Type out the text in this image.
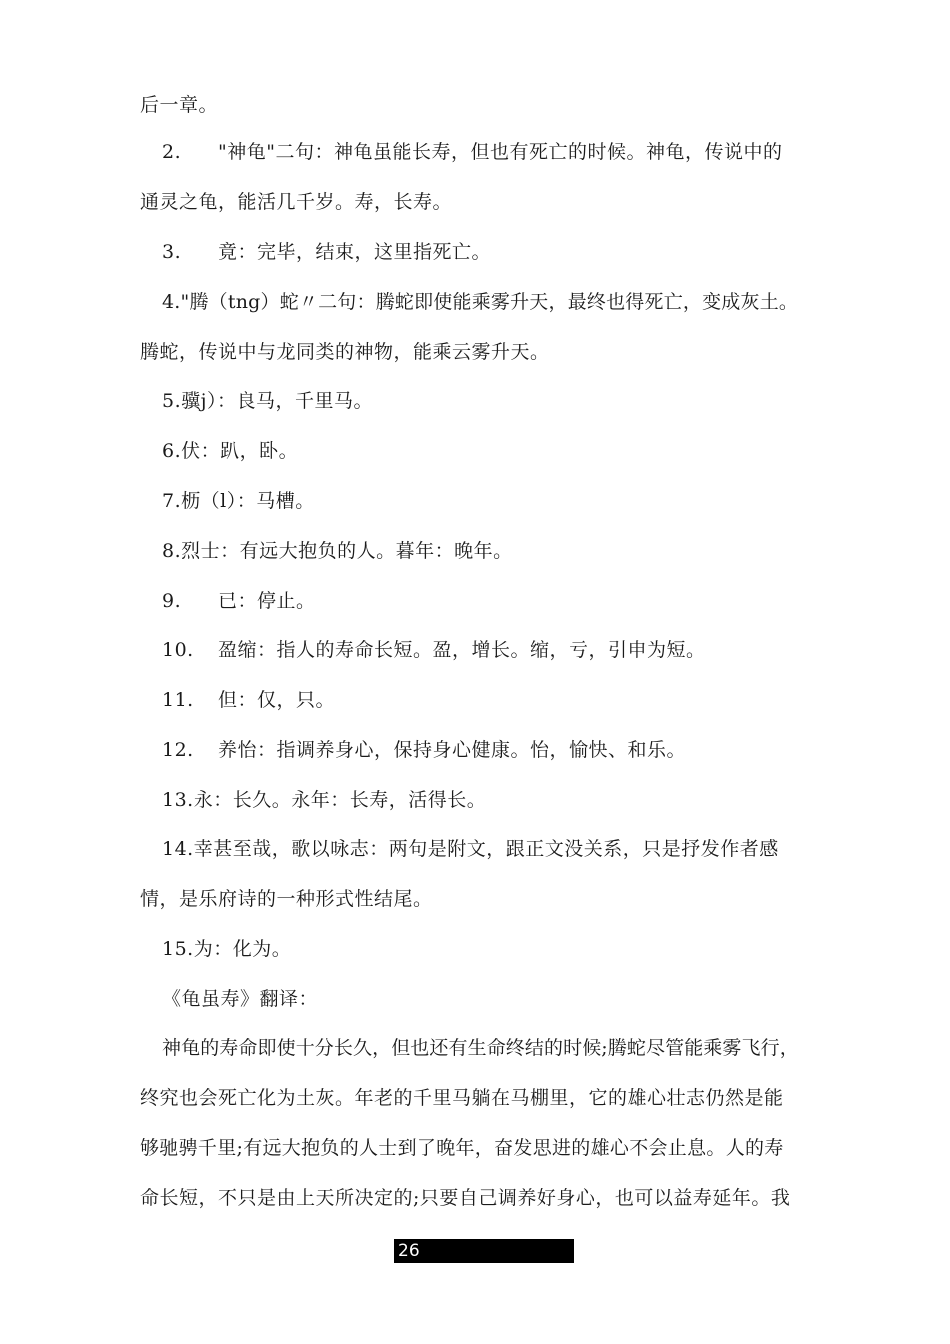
后一章。
2. "神龟"二句：神龟虽能长寿，但也有死亡的时候。神龟，传说中的
通灵之龟，能活几千岁。寿，长寿。
3. 竟：完毕，结束，这里指死亡。
4."腾（tng）蛇〃二句：腾蛇即使能乘雾升天，最终也得死亡，变成灰土。
腾蛇，传说中与龙同类的神物，能乘云雾升天。
5.骥j）：良马，千里马。
6.伏：趴，卧。
7.枥（l）：马槽。
8.烈士：有远大抱负的人。暮年：晚年。
9. 已：停止。
10. 盈缩：指人的寿命长短。盈，增长。缩，亏，引申为短。
11. 但：仅，只。
12. 养怡：指调养身心，保持身心健康。怡，愉快、和乐。
13.永：长久。永年：长寿，活得长。
14.幸甚至哉，歌以咏志：两句是附文，跟正文没关系，只是抒发作者感
情，是乐府诗的一种形式性结尾。
15.为：化为。
《龟虽寿》翻译：
神龟的寿命即使十分长久，但也还有生命终结的时候;腾蛇尽管能乘雾飞行，
终究也会死亡化为土灰。年老的千里马躺在马棚里，它的雄心壮志仍然是能
够驰骋千里;有远大抱负的人士到了晚年，奋发思进的雄心不会止息。人的寿
命长短，不只是由上天所决定的;只要自己调养好身心，也可以益寿延年。我
26
